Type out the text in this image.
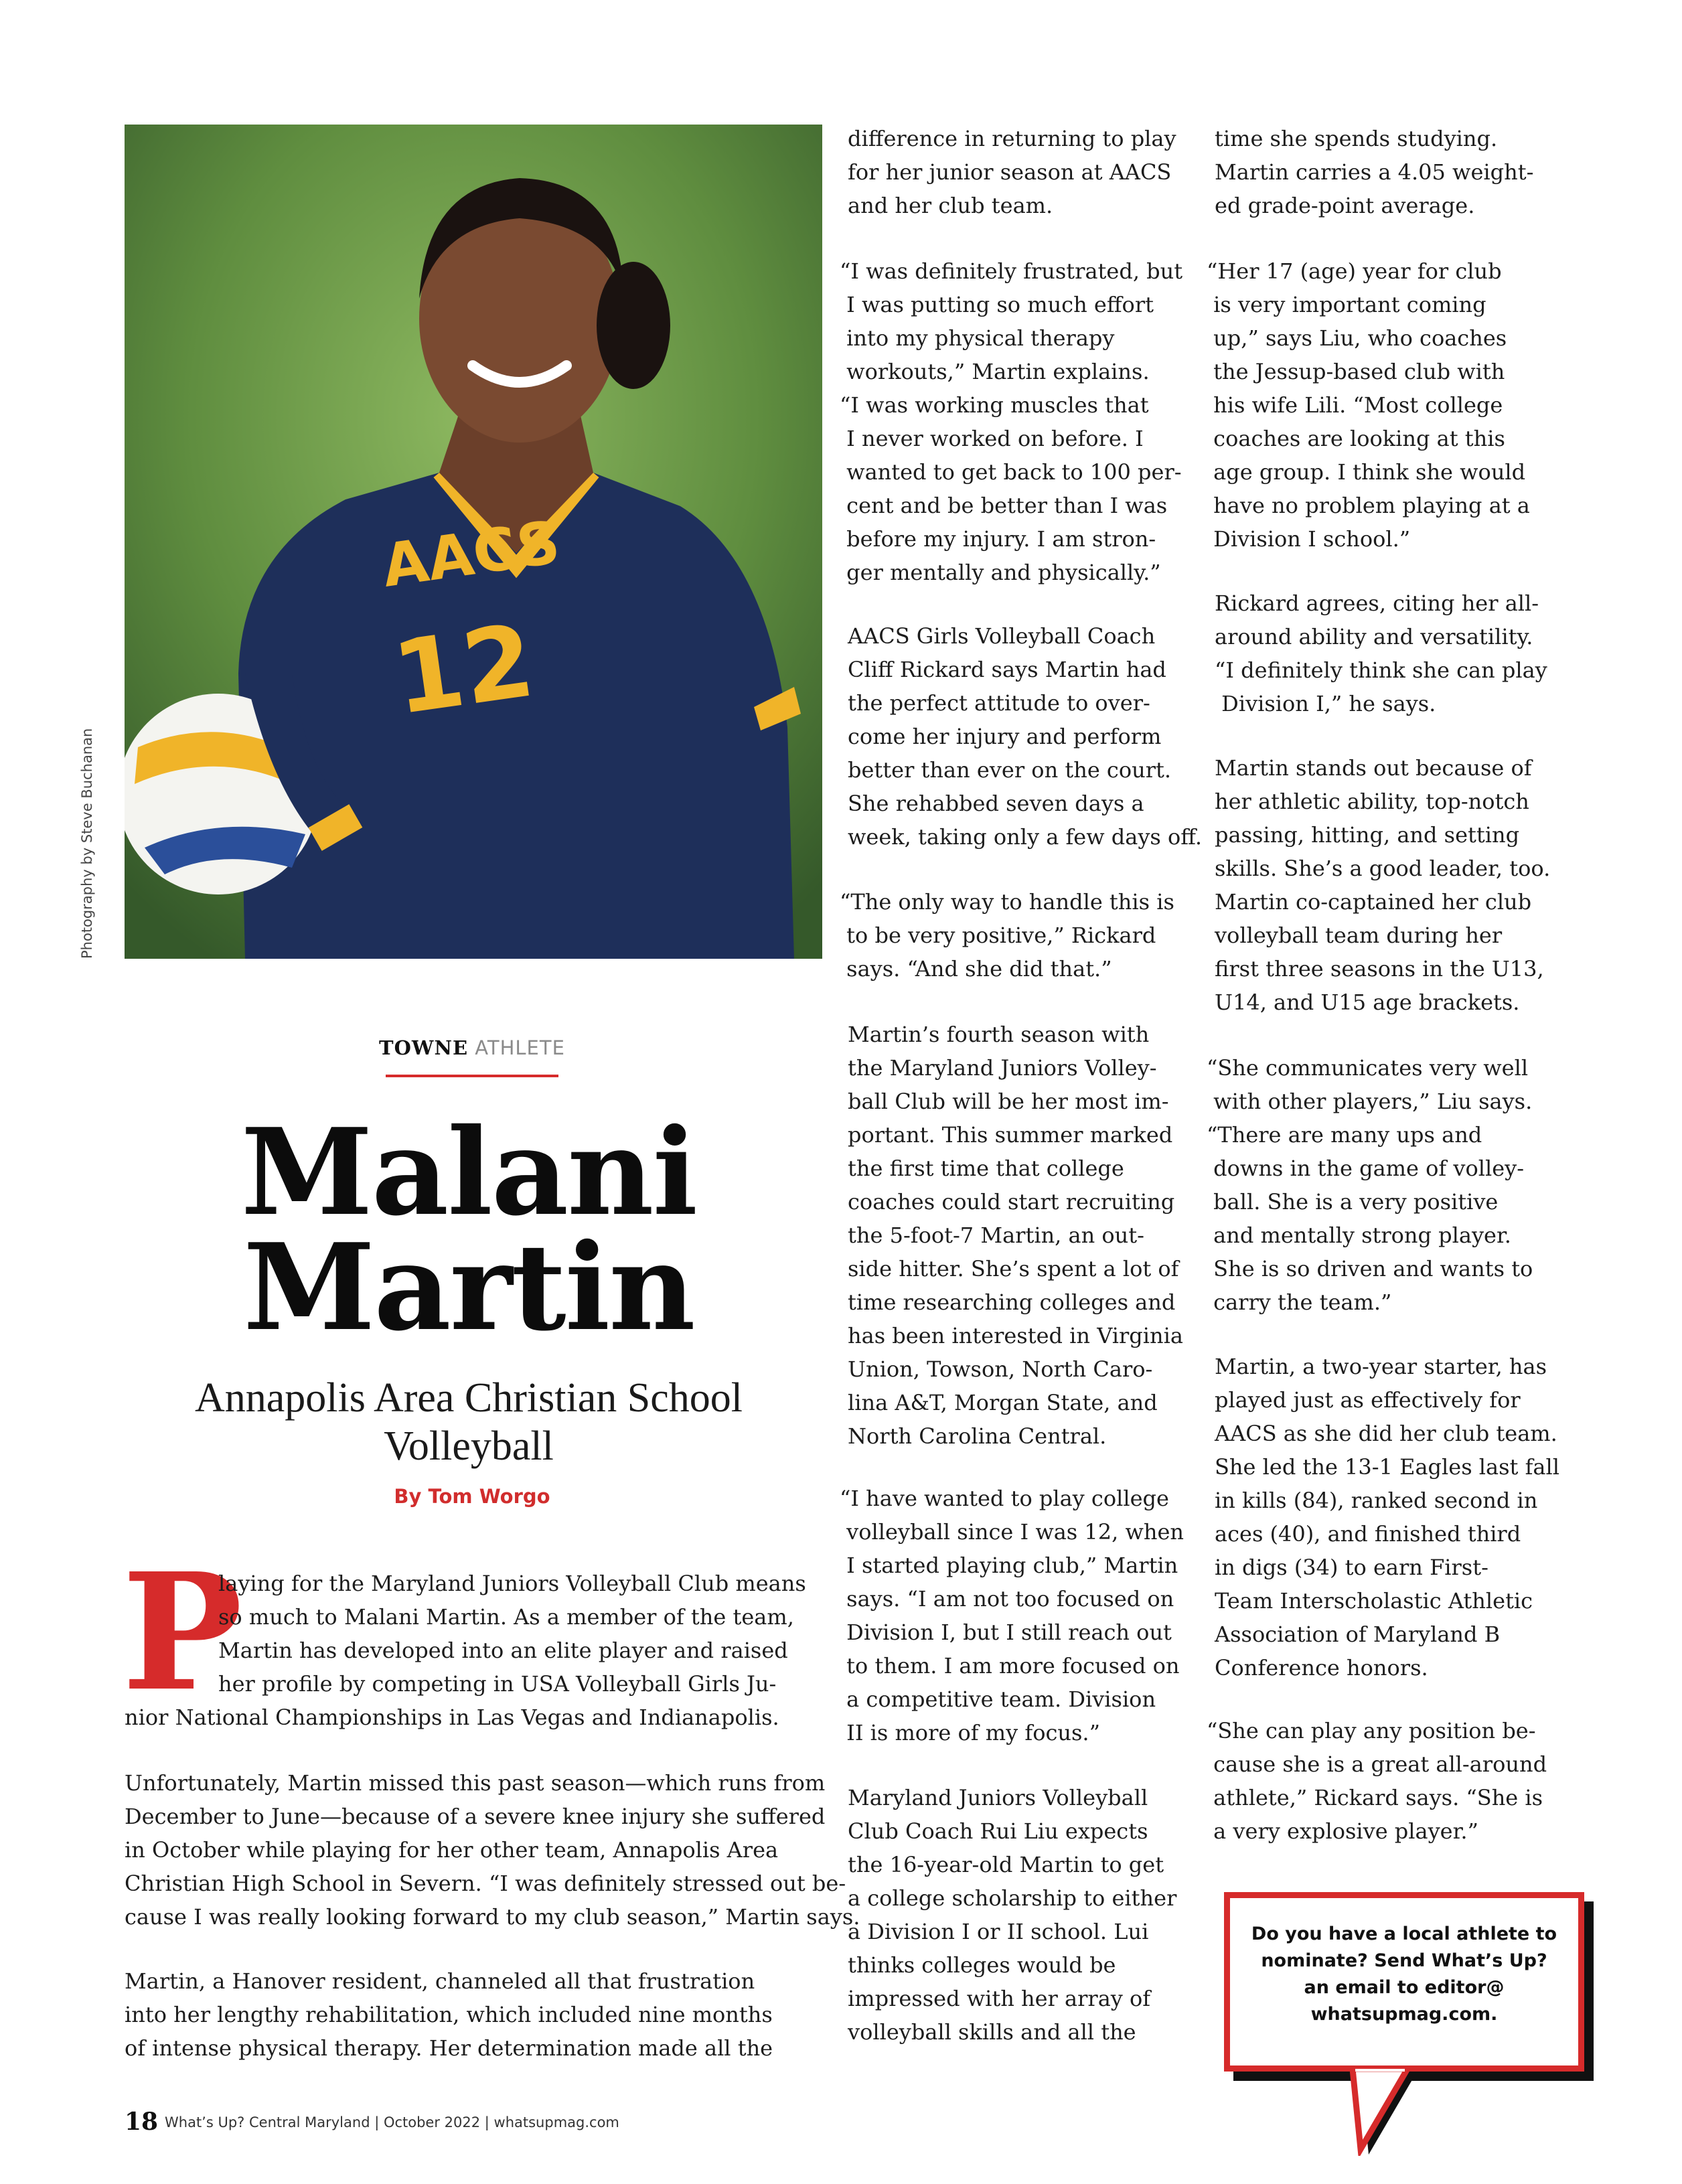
AACS
12
Photography by Steve Buchanan
TOWNE ATHLETE
Malani
Martin
Annapolis Area Christian School
Volleyball
By Tom Worgo
P
laying for the Maryland Juniors Volleyball Club means
so much to Malani Martin. As a member of the team,
Martin has developed into an elite player and raised
her profile by competing in USA Volleyball Girls Ju-
nior National Championships in Las Vegas and Indianapolis.
Unfortunately, Martin missed this past season—which runs from
December to June—because of a severe knee injury she suffered
in October while playing for her other team, Annapolis Area
Christian High School in Severn. “I was definitely stressed out be-
cause I was really looking forward to my club season,” Martin says.
Martin, a Hanover resident, channeled all that frustration
into her lengthy rehabilitation, which included nine months
of intense physical therapy. Her determination made all the
difference in returning to play
for her junior season at AACS
and her club team.
“I was definitely frustrated, but
I was putting so much effort
into my physical therapy
workouts,” Martin explains.
“I was working muscles that
I never worked on before. I
wanted to get back to 100 per-
cent and be better than I was
before my injury. I am stron-
ger mentally and physically.”
AACS Girls Volleyball Coach
Cliff Rickard says Martin had
the perfect attitude to over-
come her injury and perform
better than ever on the court.
She rehabbed seven days a
week, taking only a few days off.
“The only way to handle this is
to be very positive,” Rickard
says. “And she did that.”
Martin’s fourth season with
the Maryland Juniors Volley-
ball Club will be her most im-
portant. This summer marked
the first time that college
coaches could start recruiting
the 5-foot-7 Martin, an out-
side hitter. She’s spent a lot of
time researching colleges and
has been interested in Virginia
Union, Towson, North Caro-
lina A&T, Morgan State, and
North Carolina Central.
“I have wanted to play college
volleyball since I was 12, when
I started playing club,” Martin
says. “I am not too focused on
Division I, but I still reach out
to them. I am more focused on
a competitive team. Division
II is more of my focus.”
Maryland Juniors Volleyball
Club Coach Rui Liu expects
the 16-year-old Martin to get
a college scholarship to either
a Division I or II school. Lui
thinks colleges would be
impressed with her array of
volleyball skills and all the
time she spends studying.
Martin carries a 4.05 weight-
ed grade-point average.
“Her 17 (age) year for club
is very important coming
up,” says Liu, who coaches
the Jessup-based club with
his wife Lili. “Most college
coaches are looking at this
age group. I think she would
have no problem playing at a
Division I school.”
Rickard agrees, citing her all-
around ability and versatility.
“I definitely think she can play
Division I,” he says.
Martin stands out because of
her athletic ability, top-notch
passing, hitting, and setting
skills. She’s a good leader, too.
Martin co-captained her club
volleyball team during her
first three seasons in the U13,
U14, and U15 age brackets.
“She communicates very well
with other players,” Liu says.
“There are many ups and
downs in the game of volley-
ball. She is a very positive
and mentally strong player.
She is so driven and wants to
carry the team.”
Martin, a two-year starter, has
played just as effectively for
AACS as she did her club team.
She led the 13-1 Eagles last fall
in kills (84), ranked second in
aces (40), and finished third
in digs (34) to earn First-
Team Interscholastic Athletic
Association of Maryland B
Conference honors.
“She can play any position be-
cause she is a great all-around
athlete,” Rickard says. “She is
a very explosive player.”
Do you have a local athlete to nominate? Send What’s Up? an email to editor@ whatsupmag.com.
18 What’s Up? Central Maryland | October 2022 | whatsupmag.com
